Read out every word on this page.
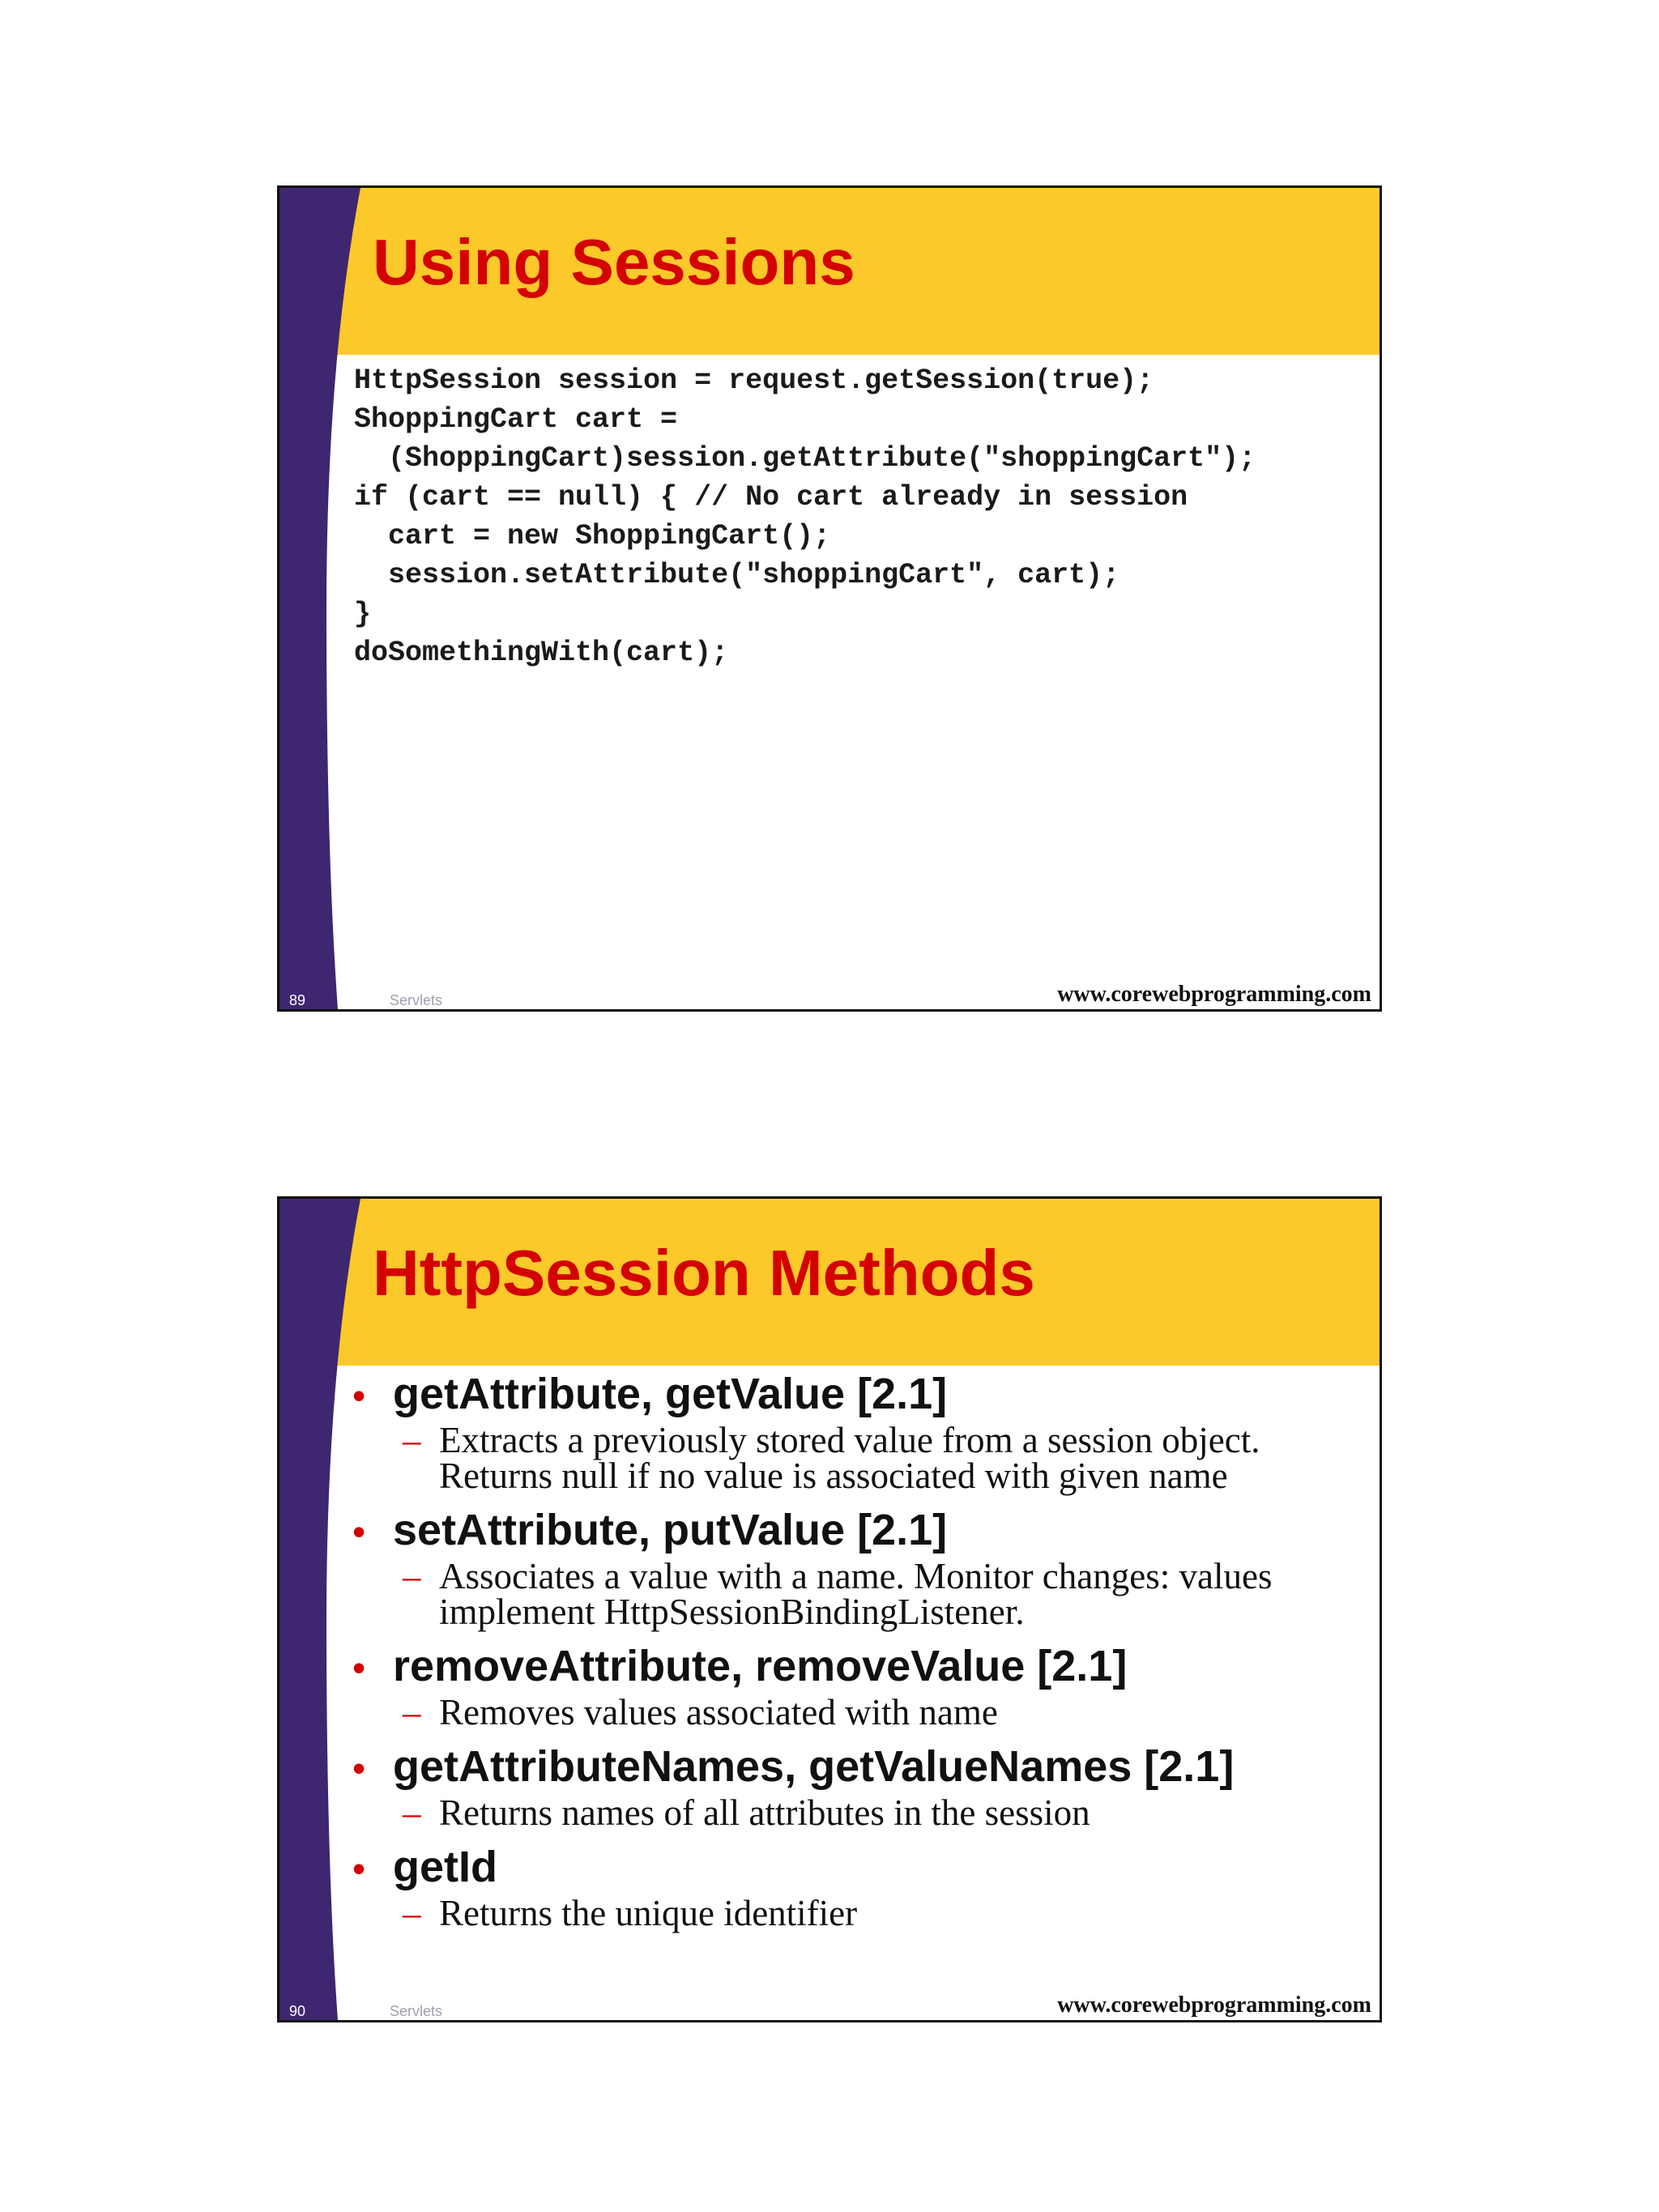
Using Sessions
HttpSession session = request.getSession(true);
ShoppingCart cart =
(ShoppingCart)session.getAttribute("shoppingCart");
if (cart == null) { // No cart already in session
cart = new ShoppingCart();
session.setAttribute("shoppingCart", cart);
}
doSomethingWith(cart);
89	Servlets	www.corewebprogramming.com
HttpSession Methods
• getAttribute, getValue [2.1]
– Extracts a previously stored value from a session object. Returns null if no value is associated with given name
• setAttribute, putValue [2.1]
– Associates a value with a name. Monitor changes: values implement HttpSessionBindingListener.
• removeAttribute, removeValue [2.1]
– Removes values associated with name
• getAttributeNames, getValueNames [2.1]
– Returns names of all attributes in the session
• getId
– Returns the unique identifier
90	Servlets	www.corewebprogramming.com
